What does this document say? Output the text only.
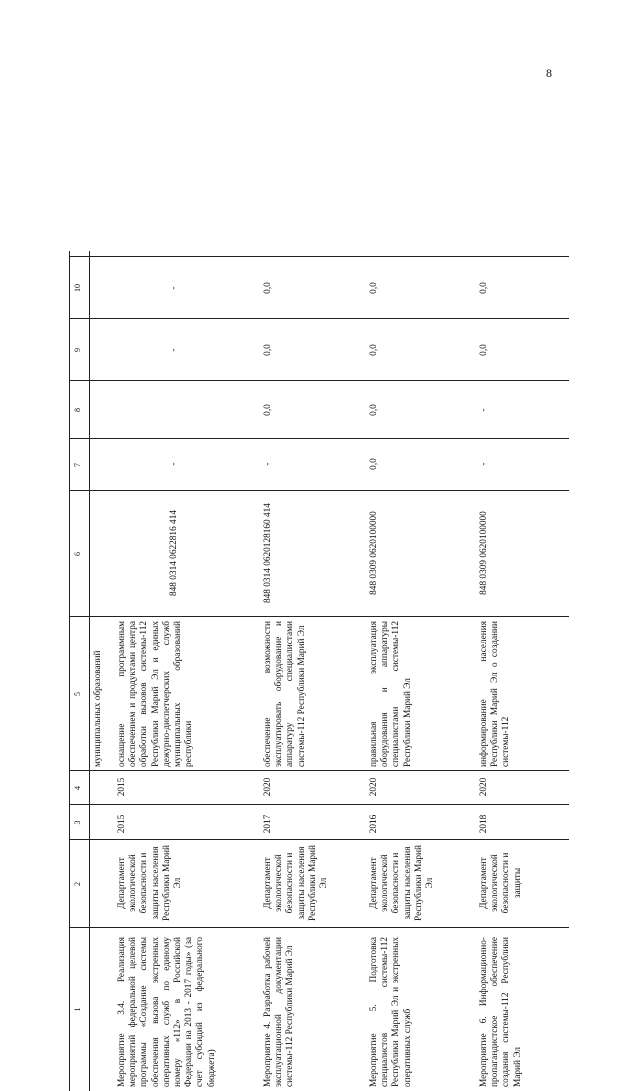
8
1
2
3
4
5
6
7
8
9
10
муниципальных образований
Мероприятие 3.4. Реализация мероприятий федеральной целевой программы «Создание системы обеспечения вызова экстренных оперативных служб по единому номеру «112» в Российской Федерации на 2013 - 2017 годы» (за счет субсидий из федерального бюджета)
Департамент экологической безопасности и защиты населения Республики Марий Эл
2015
2015
оснащение программным обеспечением и продуктами центра обработки вызовов системы-112 Республики Марий Эл и единых дежурно-диспетчерских служб муниципальных образований республики
848 0314 0622816 414
-
-
-
Мероприятие 4. Разработка рабочей эксплуатационной документации системы-112 Республики Марий Эл
Департамент экологической безопасности и защиты населения Республики Марий Эл
2017
2020
обеспечение возможности эксплуатировать оборудование и аппаратуру специалистами системы-112 Республики Марий Эл
848 0314 0620128160 414
-
0,0
0,0
0,0
Мероприятие 5. Подготовка специалистов системы-112 Республики Марий Эл и экстренных оперативных служб
Департамент экологической безопасности и защиты населения Республики Марий Эл
2016
2020
правильная эксплуатация оборудования и аппаратуры специалистами системы-112 Республики Марий Эл
848 0309 0620100000
0,0
0,0
0,0
0,0
Мероприятие 6. Информационно-пропагандистское обеспечение создания системы-112 Республики Марий Эл
Департамент экологической безопасности и защиты
2018
2020
информирование населения Республики Марий Эл о создании системы-112
848 0309 0620100000
-
-
0,0
0,0
